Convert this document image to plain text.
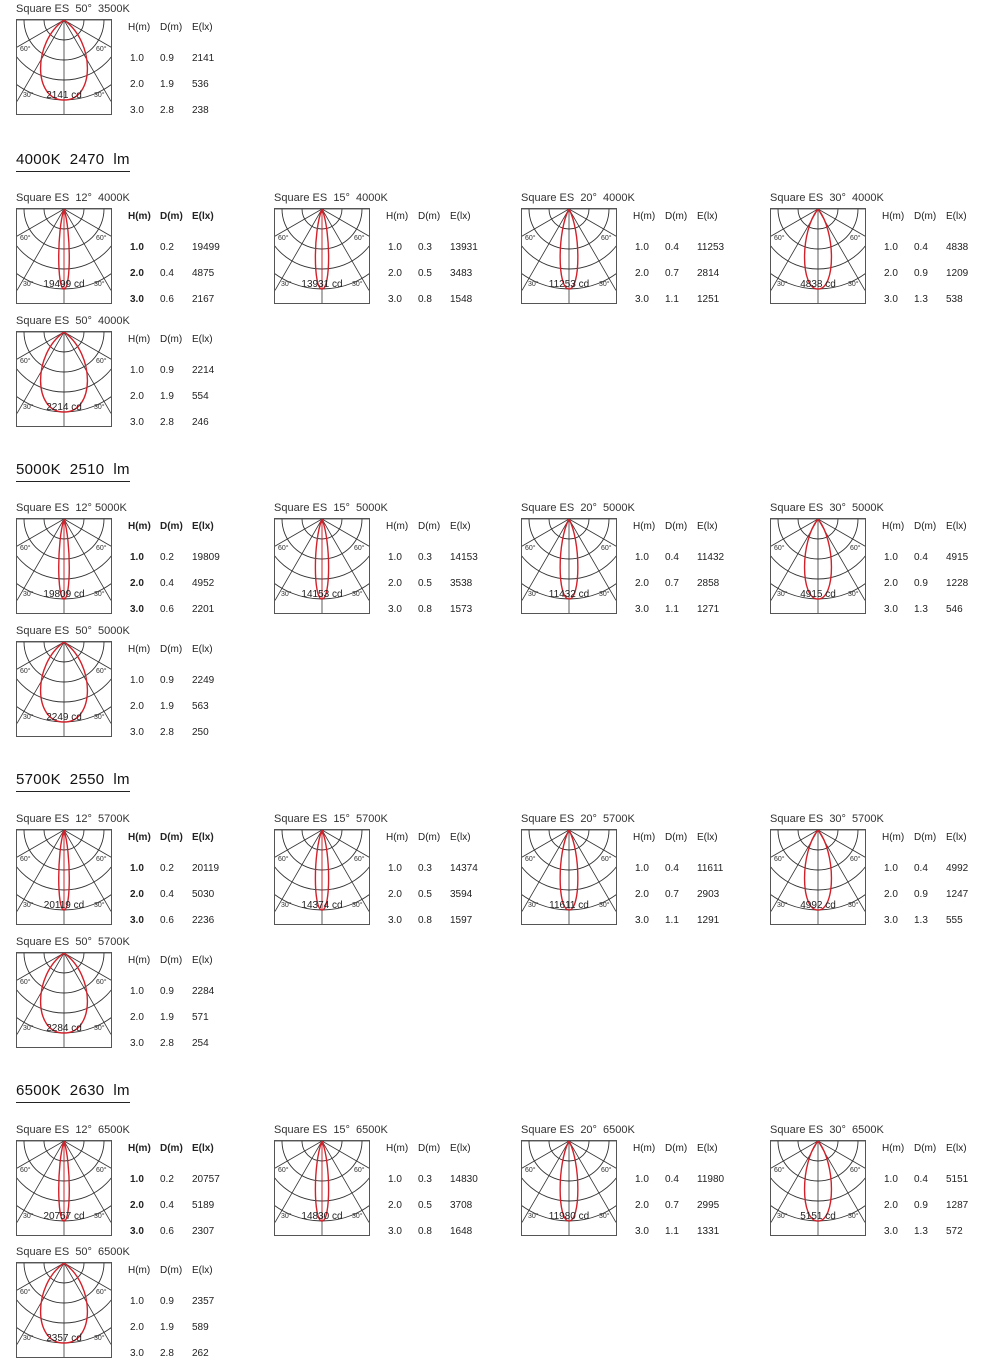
Square ES  50°  3500K
60°	60°
30°	30°
2141 cd
H(m) D(m) E(lx)
1.0 0.9 2141
2.0 1.9 536
3.0 2.8 238
4000K  2470  lm
Square ES  12°  4000K
60°	60°
30°	30°
19499 cd
H(m) D(m) E(lx)
1.0 0.2 19499
2.0 0.4 4875
3.0 0.6 2167
Square ES  15°  4000K
60°	60°
30°	30°
13931 cd
H(m) D(m) E(lx)
1.0 0.3 13931
2.0 0.5 3483
3.0 0.8 1548
Square ES  20°  4000K
60°	60°
30°	30°
11253 cd
H(m) D(m) E(lx)
1.0 0.4 11253
2.0 0.7 2814
3.0 1.1 1251
Square ES  30°  4000K
60°	60°
30°	30°
4838 cd
H(m) D(m) E(lx)
1.0 0.4 4838
2.0 0.9 1209
3.0 1.3 538
Square ES  50°  4000K
60°	60°
30°	30°
2214 cd
H(m) D(m) E(lx)
1.0 0.9 2214
2.0 1.9 554
3.0 2.8 246
5000K  2510  lm
Square ES  12° 5000K
60°	60°
30°	30°
19809 cd
H(m) D(m) E(lx)
1.0 0.2 19809
2.0 0.4 4952
3.0 0.6 2201
Square ES  15°  5000K
60°	60°
30°	30°
14153 cd
H(m) D(m) E(lx)
1.0 0.3 14153
2.0 0.5 3538
3.0 0.8 1573
Square ES  20°  5000K
60°	60°
30°	30°
11432 cd
H(m) D(m) E(lx)
1.0 0.4 11432
2.0 0.7 2858
3.0 1.1 1271
Square ES  30°  5000K
60°	60°
30°	30°
4915 cd
H(m) D(m) E(lx)
1.0 0.4 4915
2.0 0.9 1228
3.0 1.3 546
Square ES  50°  5000K
60°	60°
30°	30°
2249 cd
H(m) D(m) E(lx)
1.0 0.9 2249
2.0 1.9 563
3.0 2.8 250
5700K  2550  lm
Square ES  12°  5700K
60°	60°
30°	30°
20119 cd
H(m) D(m) E(lx)
1.0 0.2 20119
2.0 0.4 5030
3.0 0.6 2236
Square ES  15°  5700K
60°	60°
30°	30°
14374 cd
H(m) D(m) E(lx)
1.0 0.3 14374
2.0 0.5 3594
3.0 0.8 1597
Square ES  20°  5700K
60°	60°
30°	30°
11611 cd
H(m) D(m) E(lx)
1.0 0.4 11611
2.0 0.7 2903
3.0 1.1 1291
Square ES  30°  5700K
60°	60°
30°	30°
4992 cd
H(m) D(m) E(lx)
1.0 0.4 4992
2.0 0.9 1247
3.0 1.3 555
Square ES  50°  5700K
60°	60°
30°	30°
2284 cd
H(m) D(m) E(lx)
1.0 0.9 2284
2.0 1.9 571
3.0 2.8 254
6500K  2630  lm
Square ES  12°  6500K
60°	60°
30°	30°
20757 cd
H(m) D(m) E(lx)
1.0 0.2 20757
2.0 0.4 5189
3.0 0.6 2307
Square ES  15°  6500K
60°	60°
30°	30°
14830 cd
H(m) D(m) E(lx)
1.0 0.3 14830
2.0 0.5 3708
3.0 0.8 1648
Square ES  20°  6500K
60°	60°
30°	30°
11980 cd
H(m) D(m) E(lx)
1.0 0.4 11980
2.0 0.7 2995
3.0 1.1 1331
Square ES  30°  6500K
60°	60°
30°	30°
5151 cd
H(m) D(m) E(lx)
1.0 0.4 5151
2.0 0.9 1287
3.0 1.3 572
Square ES  50°  6500K
60°	60°
30°	30°
2357 cd
H(m) D(m) E(lx)
1.0 0.9 2357
2.0 1.9 589
3.0 2.8 262
